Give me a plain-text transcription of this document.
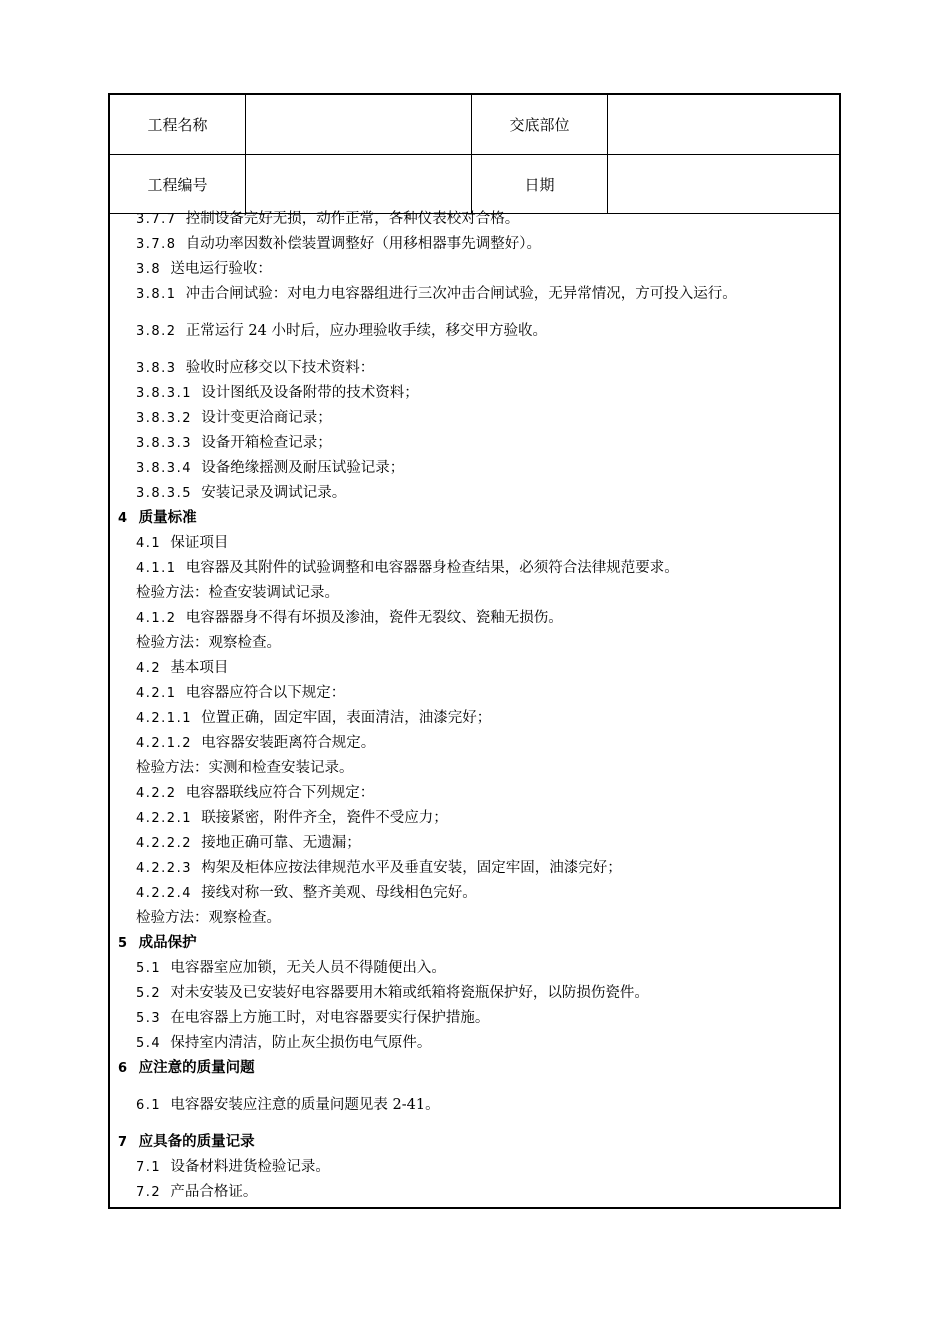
工程名称	交底部位
工程编号	日期
3.7.7 控制设备完好无损，动作正常，各种仪表校对合格。
3.7.8 自动功率因数补偿装置调整好（用移相器事先调整好）。
3.8 送电运行验收：
3.8.1 冲击合闸试验：对电力电容器组进行三次冲击合闸试验，无异常情况，方可投入运行。
3.8.2 正常运行 24 小时后，应办理验收手续，移交甲方验收。
3.8.3 验收时应移交以下技术资料：
3.8.3.1 设计图纸及设备附带的技术资料；
3.8.3.2 设计变更洽商记录；
3.8.3.3 设备开箱检查记录；
3.8.3.4 设备绝缘摇测及耐压试验记录；
3.8.3.5 安装记录及调试记录。
4 质量标准
4.1 保证项目
4.1.1 电容器及其附件的试验调整和电容器器身检查结果，必须符合法律规范要求。
检验方法：检查安装调试记录。
4.1.2 电容器器身不得有坏损及渗油，瓷件无裂纹、瓷釉无损伤。
检验方法：观察检查。
4.2 基本项目
4.2.1 电容器应符合以下规定：
4.2.1.1 位置正确，固定牢固，表面清洁，油漆完好；
4.2.1.2 电容器安装距离符合规定。
检验方法：实测和检查安装记录。
4.2.2 电容器联线应符合下列规定：
4.2.2.1 联接紧密，附件齐全，瓷件不受应力；
4.2.2.2 接地正确可靠、无遗漏；
4.2.2.3 构架及柜体应按法律规范水平及垂直安装，固定牢固，油漆完好；
4.2.2.4 接线对称一致、整齐美观、母线相色完好。
检验方法：观察检查。
5 成品保护
5.1 电容器室应加锁，无关人员不得随便出入。
5.2 对未安装及已安装好电容器要用木箱或纸箱将瓷瓶保护好，以防损伤瓷件。
5.3 在电容器上方施工时，对电容器要实行保护措施。
5.4 保持室内清洁，防止灰尘损伤电气原件。
6 应注意的质量问题
6.1 电容器安装应注意的质量问题见表 2-41。
7 应具备的质量记录
7.1 设备材料进货检验记录。
7.2 产品合格证。
